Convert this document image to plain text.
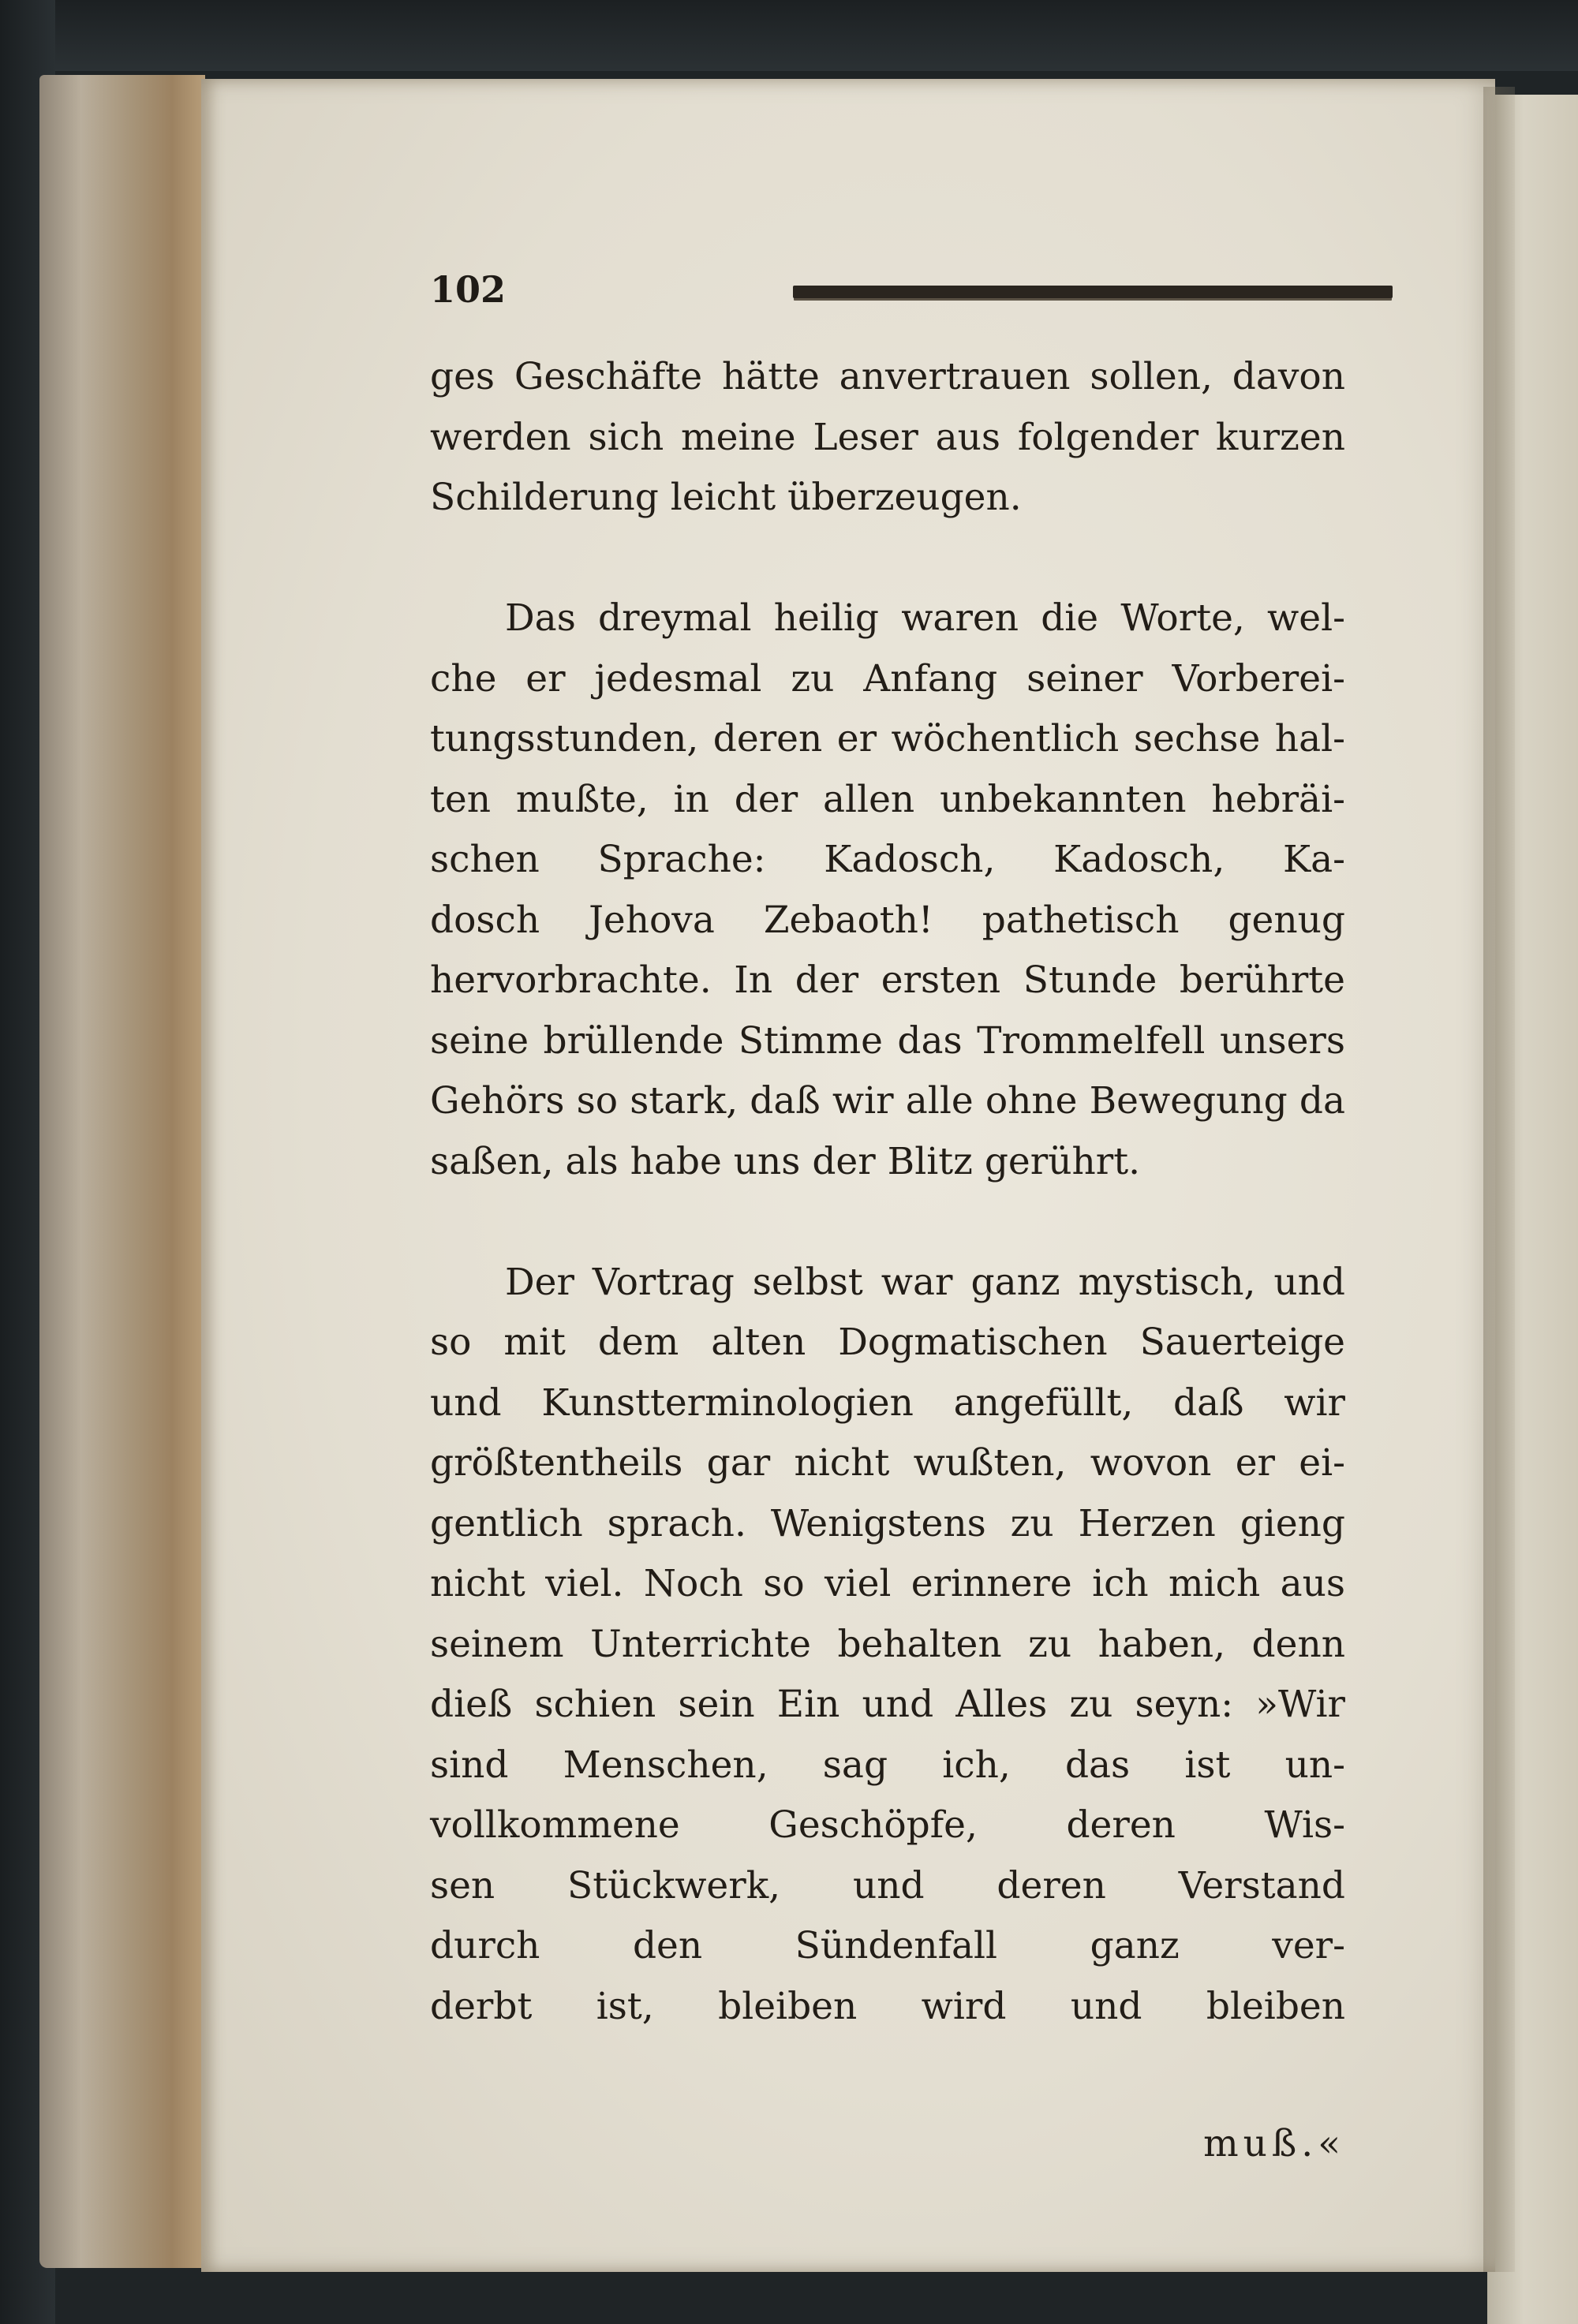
102
ges Geschäfte hätte anvertrauen sollen, davon
werden sich meine Leser aus folgender kurzen
Schilderung leicht überzeugen.
Das dreymal heilig waren die Worte, wel-
che er jedesmal zu Anfang seiner Vorberei-
tungsstunden, deren er wöchentlich sechse hal-
ten mußte, in der allen unbekannten hebräi-
schen Sprache: Kadosch, Kadosch, Ka-
dosch Jehova Zebaoth! pathetisch genug
hervorbrachte. In der ersten Stunde berührte
seine brüllende Stimme das Trommelfell unsers
Gehörs so stark, daß wir alle ohne Bewegung da
saßen, als habe uns der Blitz gerührt.
Der Vortrag selbst war ganz mystisch, und
so mit dem alten Dogmatischen Sauerteige
und Kunstterminologien angefüllt, daß wir
größtentheils gar nicht wußten, wovon er ei-
gentlich sprach. Wenigstens zu Herzen gieng
nicht viel. Noch so viel erinnere ich mich aus
seinem Unterrichte behalten zu haben, denn
dieß schien sein Ein und Alles zu seyn: »Wir
sind Menschen, sag ich, das ist un-
vollkommene Geschöpfe, deren Wis-
sen Stückwerk, und deren Verstand
durch den Sündenfall ganz ver-
derbt ist, bleiben wird und bleiben
muß.«
